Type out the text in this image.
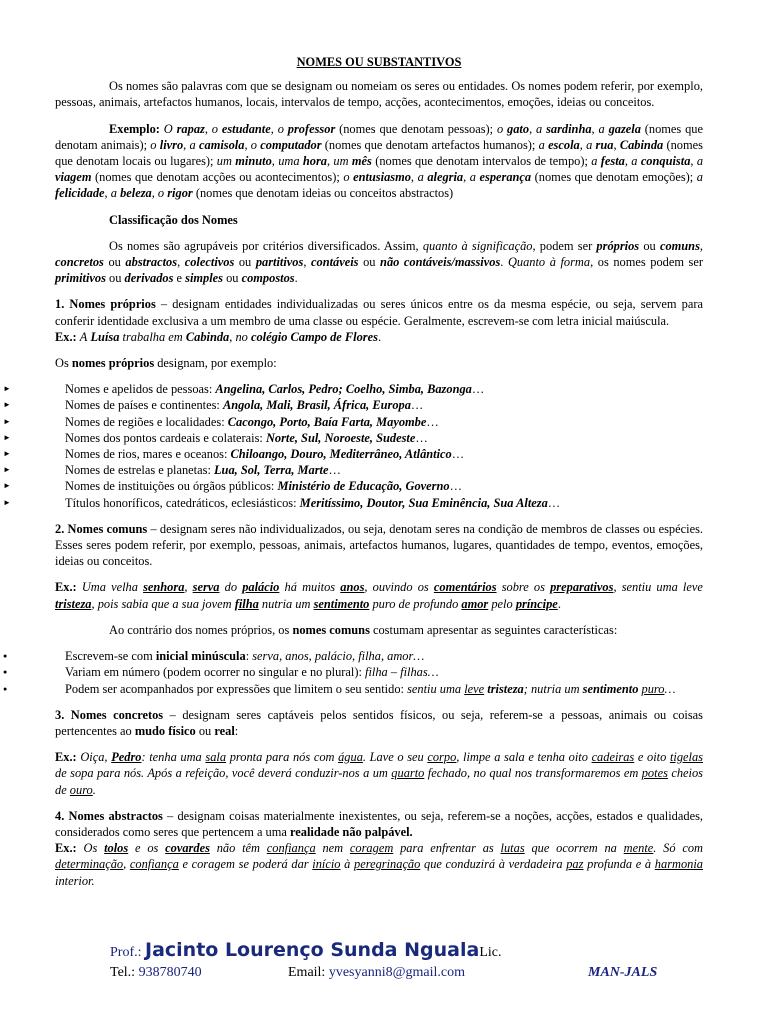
NOMES OU SUBSTANTIVOS

Os nomes são palavras com que se designam ou nomeiam os seres ou entidades. Os nomes podem referir, por exemplo, pessoas, animais, artefactos humanos, locais, intervalos de tempo, acções, acontecimentos, emoções, ideias ou conceitos.

Exemplo: O rapaz, o estudante, o professor (nomes que denotam pessoas); o gato, a sardinha, a gazela (nomes que denotam animais); o livro, a camisola, o computador (nomes que denotam artefactos humanos); a escola, a rua, Cabinda (nomes que denotam locais ou lugares); um minuto, uma hora, um mês (nomes que denotam intervalos de tempo); a festa, a conquista, a viagem (nomes que denotam acções ou acontecimentos); o entusiasmo, a alegria, a esperança (nomes que denotam emoções); a felicidade, a beleza, o rigor (nomes que denotam ideias ou conceitos abstractos)

Classificação dos Nomes

Os nomes são agrupáveis por critérios diversificados. Assim, quanto à significação, podem ser próprios ou comuns, concretos ou abstractos, colectivos ou partitivos, contáveis ou não contáveis/massivos. Quanto à forma, os nomes podem ser primitivos ou derivados e simples ou compostos.

1. Nomes próprios – designam entidades individualizadas ou seres únicos entre os da mesma espécie, ou seja, servem para conferir identidade exclusiva a um membro de uma classe ou espécie. Geralmente, escrevem-se com letra inicial maiúscula.
Ex.: A Luísa trabalha em Cabinda, no colégio Campo de Flores.

Os nomes próprios designam, por exemplo:

► Nomes e apelidos de pessoas: Angelina, Carlos, Pedro; Coelho, Simba, Bazonga…
► Nomes de países e continentes: Angola, Mali, Brasil, África, Europa…
► Nomes de regiões e localidades: Cacongo, Porto, Baía Farta, Mayombe…
► Nomes dos pontos cardeais e colaterais: Norte, Sul, Noroeste, Sudeste…
► Nomes de rios, mares e oceanos: Chiloango, Douro, Mediterrâneo, Atlântico…
► Nomes de estrelas e planetas: Lua, Sol, Terra, Marte…
► Nomes de instituições ou órgãos públicos: Ministério de Educação, Governo…
► Títulos honoríficos, catedráticos, eclesiásticos: Meritíssimo, Doutor, Sua Eminência, Sua Alteza…

2. Nomes comuns – designam seres não individualizados, ou seja, denotam seres na condição de membros de classes ou espécies. Esses seres podem referir, por exemplo, pessoas, animais, artefactos humanos, lugares, quantidades de tempo, eventos, emoções, ideias ou conceitos.

Ex.: Uma velha senhora, serva do palácio há muitos anos, ouvindo os comentários sobre os preparativos, sentiu uma leve tristeza, pois sabia que a sua jovem filha nutria um sentimento puro de profundo amor pelo príncipe.

Ao contrário dos nomes próprios, os nomes comuns costumam apresentar as seguintes características:

● Escrevem-se com inicial minúscula: serva, anos, palácio, filha, amor…
● Variam em número (podem ocorrer no singular e no plural): filha – filhas…
● Podem ser acompanhados por expressões que limitem o seu sentido: sentiu uma leve tristeza; nutria um sentimento puro…

3. Nomes concretos – designam seres captáveis pelos sentidos físicos, ou seja, referem-se a pessoas, animais ou coisas pertencentes ao mudo físico ou real:

Ex.: Oiça, Pedro: tenha uma sala pronta para nós com água. Lave o seu corpo, limpe a sala e tenha oito cadeiras e oito tigelas de sopa para nós. Após a refeição, você deverá conduzir-nos a um quarto fechado, no qual nos transformaremos em potes cheios de ouro.

4. Nomes abstractos – designam coisas materialmente inexistentes, ou seja, referem-se a noções, acções, estados e qualidades, considerados como seres que pertencem a uma realidade não palpável.
Ex.: Os tolos e os covardes não têm confiança nem coragem para enfrentar as lutas que ocorrem na mente. Só com determinação, confiança e coragem se poderá dar início à peregrinação que conduzirá à verdadeira paz profunda e à harmonia interior.

Prof.: Jacinto Lourenço Sunda NgualaLic.
Tel.: 938780740	Email: yvesyanni8@gmail.com	MAN-JALS
